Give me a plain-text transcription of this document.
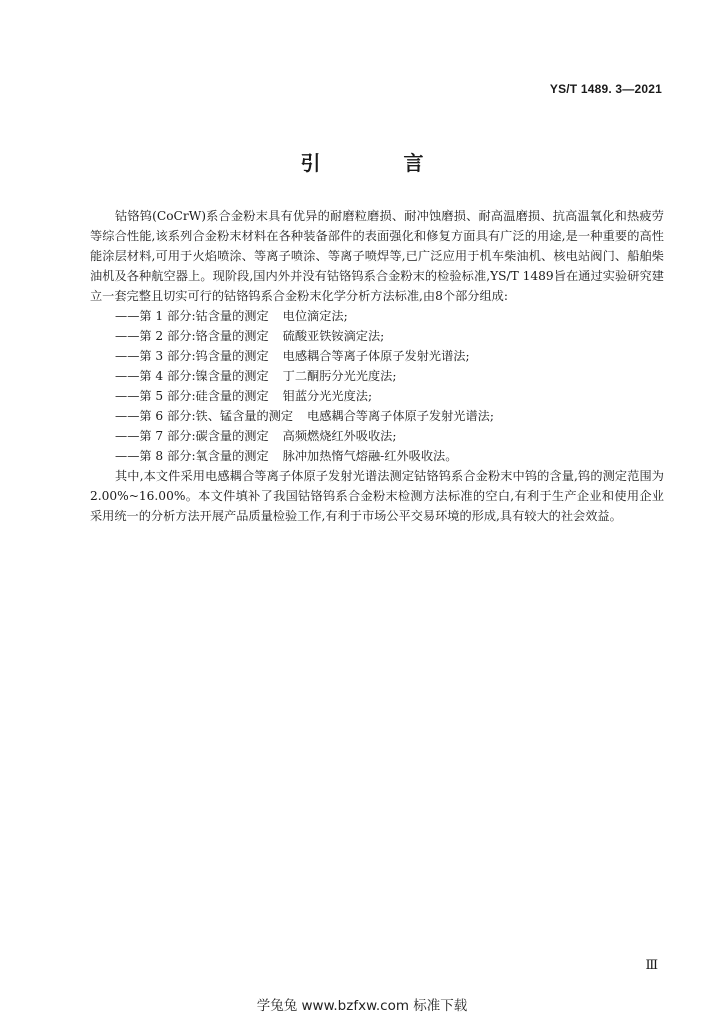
YS/T 1489. 3—2021
引 言

钴铬钨(CoCrW)系合金粉末具有优异的耐磨粒磨损、耐冲蚀磨损、耐高温磨损、抗高温氧化和热疲劳等综合性能,该系列合金粉末材料在各种装备部件的表面强化和修复方面具有广泛的用途,是一种重要的高性能涂层材料,可用于火焰喷涂、等离子喷涂、等离子喷焊等,已广泛应用于机车柴油机、核电站阀门、船舶柴油机及各种航空器上。现阶段,国内外并没有钴铬钨系合金粉末的检验标准,YS/T 1489旨在通过实验研究建立一套完整且切实可行的钴铬钨系合金粉末化学分析方法标准,由8个部分组成:

——第 1 部分:钴含量的测定 电位滴定法;
——第 2 部分:铬含量的测定 硫酸亚铁铵滴定法;
——第 3 部分:钨含量的测定 电感耦合等离子体原子发射光谱法;
——第 4 部分:镍含量的测定 丁二酮肟分光光度法;
——第 5 部分:硅含量的测定 钼蓝分光光度法;
——第 6 部分:铁、锰含量的测定 电感耦合等离子体原子发射光谱法;
——第 7 部分:碳含量的测定 高频燃烧红外吸收法;
——第 8 部分:氧含量的测定 脉冲加热惰气熔融-红外吸收法。

其中,本文件采用电感耦合等离子体原子发射光谱法测定钴铬钨系合金粉末中钨的含量,钨的测定范围为2.00%~16.00%。本文件填补了我国钴铬钨系合金粉末检测方法标准的空白,有利于生产企业和使用企业采用统一的分析方法开展产品质量检验工作,有利于市场公平交易环境的形成,具有较大的社会效益。

Ⅲ
学兔兔 www.bzfxw.com 标准下载
